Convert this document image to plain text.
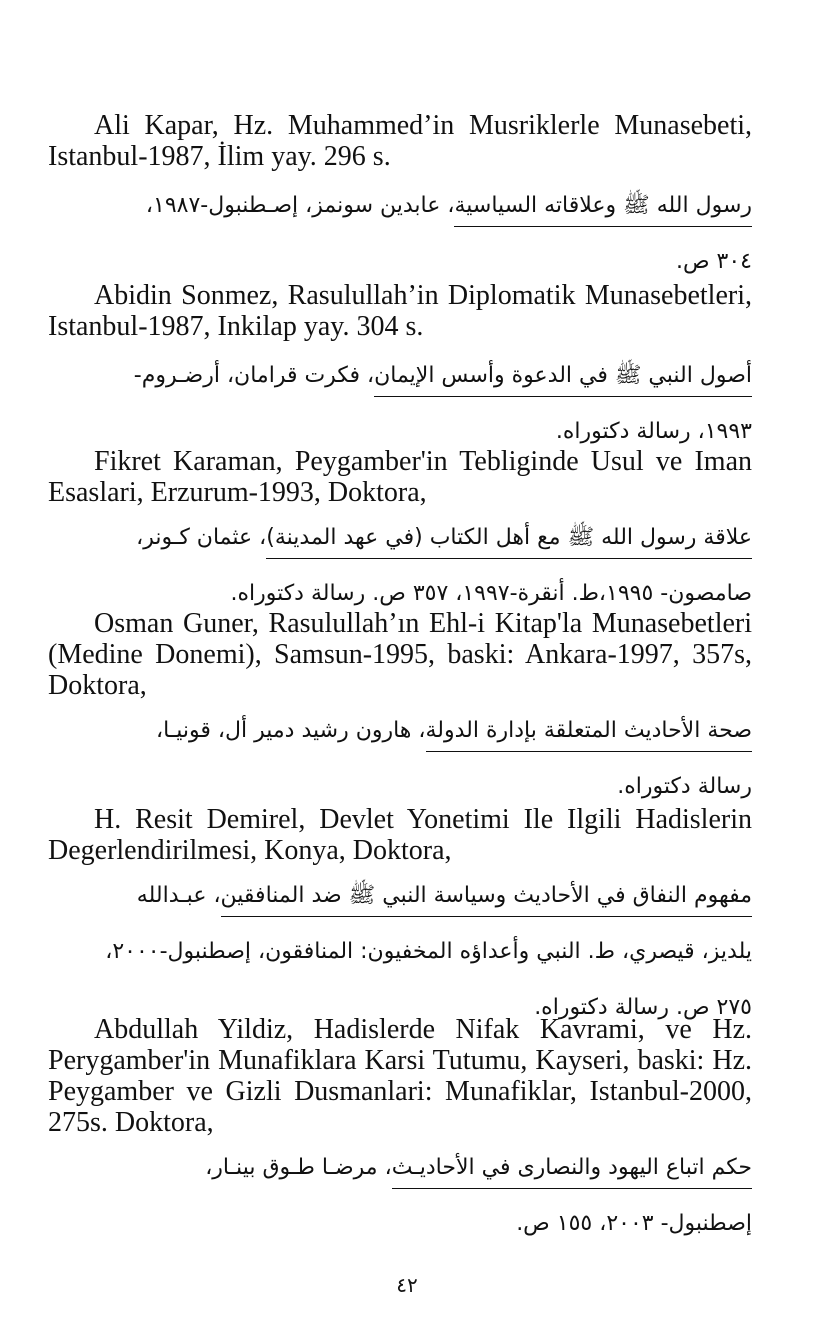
Ali Kapar, Hz. Muhammed’in Musriklerle Munasebeti, Istanbul-1987, İlim yay. 296 s.

رسول الله ﷺ وعلاقاته السياسية، عابدين سونمز، إصـطنبول-١٩٨٧،

٣٠٤ ص.

Abidin Sonmez, Rasulullah’in Diplomatik Munasebetleri, Istanbul-1987, Inkilap yay. 304 s.

أصول النبي ﷺ في الدعوة وأسس الإيمان، فكرت قرامان، أرضـروم-

١٩٩٣، رسالة دكتوراه.

Fikret Karaman, Peygamber'in Tebliginde Usul ve Iman Esaslari, Erzurum-1993, Doktora,

علاقة رسول الله ﷺ مع أهل الكتاب (في عهد المدينة)، عثمان كـونر،

صامصون- ١٩٩٥،ط. أنقرة-١٩٩٧، ٣٥٧ ص. رسالة دكتوراه.

Osman Guner, Rasulullah’ın Ehl-i Kitap'la Munasebetleri (Medine Donemi), Samsun-1995, baski: Ankara-1997, 357s, Doktora,

صحة الأحاديث المتعلقة بإدارة الدولة، هارون رشيد دمير أل، قونيـا،

رسالة دكتوراه.

H. Resit Demirel, Devlet Yonetimi Ile Ilgili Hadislerin Degerlendirilmesi, Konya, Doktora,

مفهوم النفاق في الأحاديث وسياسة النبي ﷺ ضد المنافقين، عبـدالله

يلديز، قيصري، ط. النبي وأعداؤه المخفيون: المنافقون، إصطنبول-٢٠٠٠،

٢٧٥ ص. رسالة دكتوراه.

Abdullah Yildiz, Hadislerde Nifak Kavrami, ve Hz. Perygamber'in Munafiklara Karsi Tutumu, Kayseri, baski: Hz. Peygamber ve Gizli Dusmanlari: Munafiklar, Istanbul-2000, 275s. Doktora,

حكم اتباع اليهود والنصارى في الأحاديـث، مرضـا طـوق بينـار،

إصطنبول- ٢٠٠٣، ١٥٥ ص.

٤٢
